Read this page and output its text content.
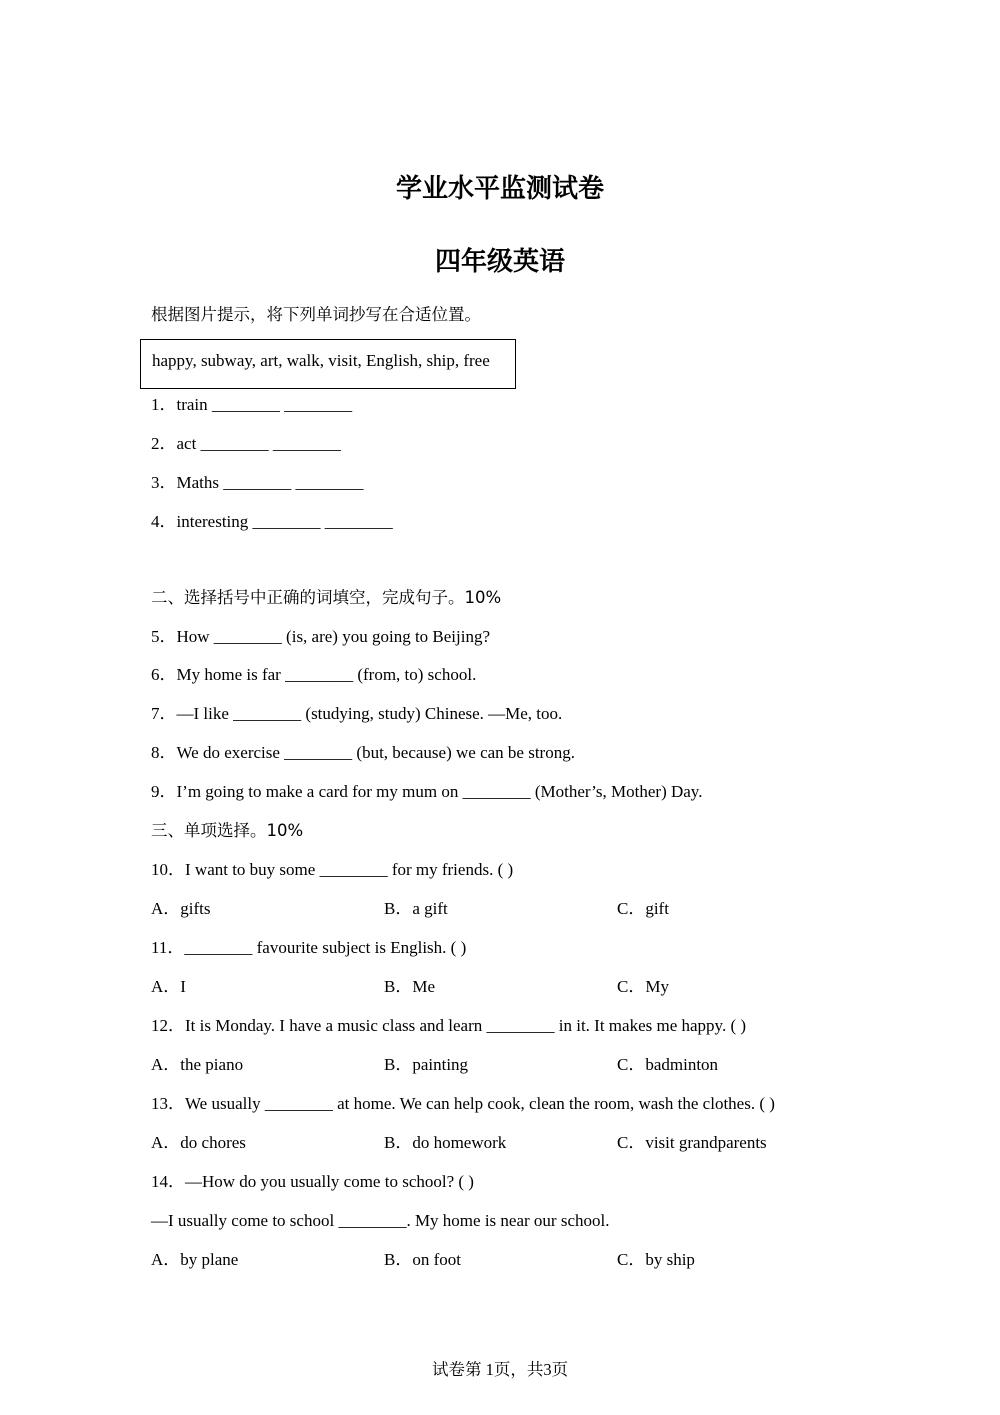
学业水平监测试卷
四年级英语
根据图片提示，将下列单词抄写在合适位置。
happy, subway, art, walk, visit, English, ship, free
1．train ________ ________
2．act ________ ________
3．Maths ________ ________
4．interesting ________ ________
二、选择括号中正确的词填空，完成句子。10%
5．How ________ (is, are) you going to Beijing?
6．My home is far ________ (from, to) school.
7．—I like ________ (studying, study) Chinese. —Me, too.
8．We do exercise ________ (but, because) we can be strong.
9．I’m going to make a card for my mum on ________ (Mother’s, Mother) Day.
三、单项选择。10%
10．I want to buy some ________ for my friends. ( )
A．gifts	B．a gift	C．gift
11．________ favourite subject is English. ( )
A．I	B．Me	C．My
12．It is Monday. I have a music class and learn ________ in it. It makes me happy. ( )
A．the piano	B．painting	C．badminton
13．We usually ________ at home. We can help cook, clean the room, wash the clothes. ( )
A．do chores	B．do homework	C．visit grandparents
14．—How do you usually come to school? ( )
—I usually come to school ________. My home is near our school.
A．by plane	B．on foot	C．by ship
试卷第 1页，共3页
